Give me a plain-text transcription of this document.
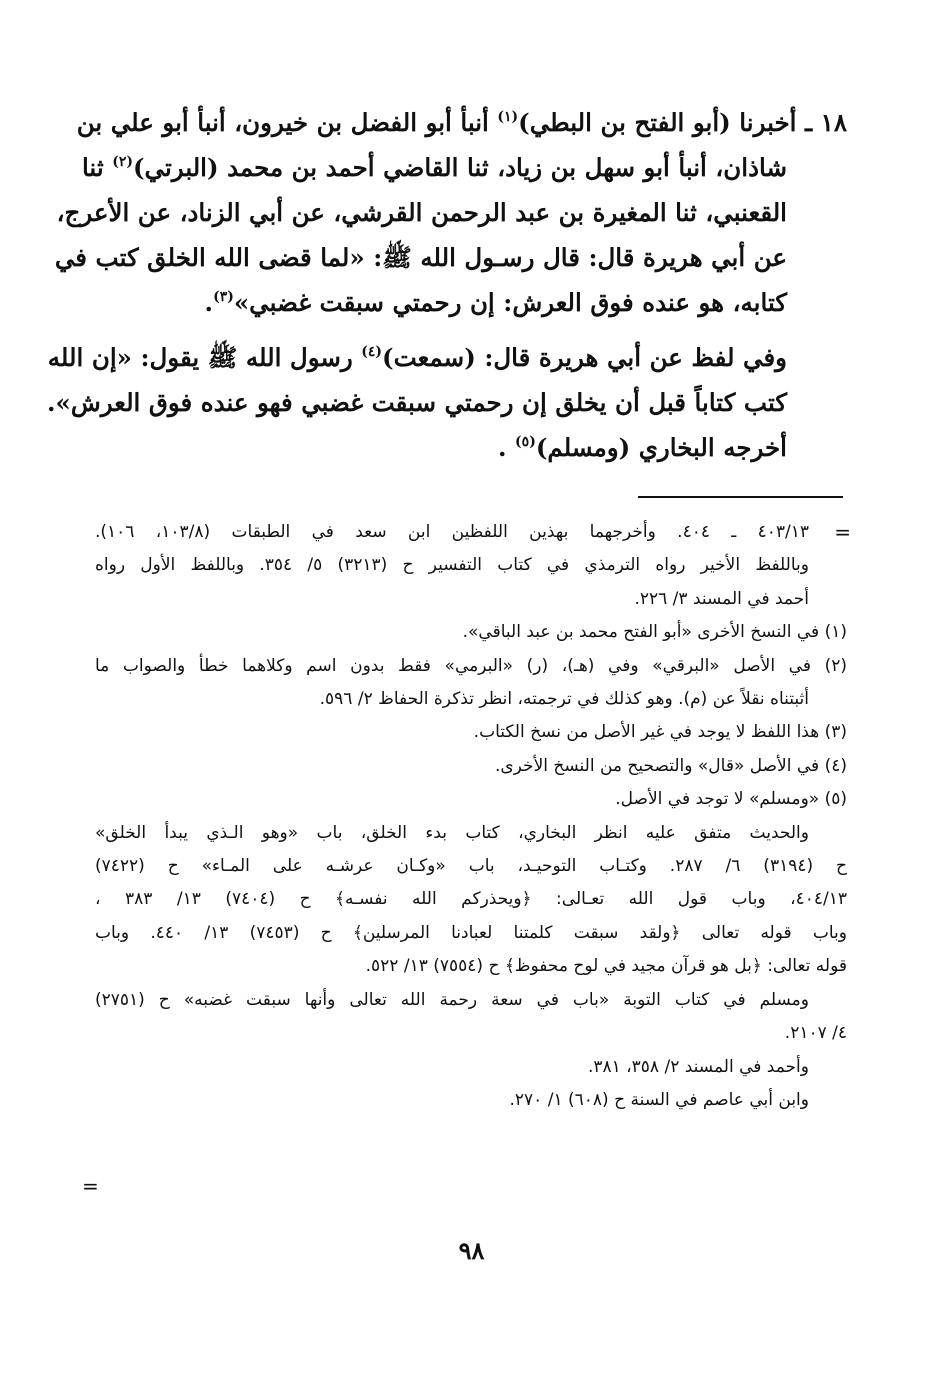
١٨ ـ أخبرنا (أبو الفتح بن البطي)$^{(١)}$ أنبأ أبو الفضل بن خيرون، أنبأ أبو علي بن
شاذان، أنبأ أبو سهل بن زياد، ثنا القاضي أحمد بن محمد (البرتي)$^{(٢)}$ ثنا
القعنبي، ثنا المغيرة بن عبد الرحمن القرشي، عن أبي الزناد، عن الأعرج،
عن أبي هريرة قال: قال رسـول الله ﷺ: «لما قضى الله الخلق كتب في
كتابه، هو عنده فوق العرش: إن رحمتي سبقت غضبي»$^{(٣)}$.

وفي لفظ عن أبي هريرة قال: (سمعت)$^{(٤)}$ رسول الله ﷺ يقول: «إن الله
كتب كتاباً قبل أن يخلق إن رحمتي سبقت غضبي فهو عنده فوق العرش».
أخرجه البخاري (ومسلم)$^{(٥)}$ .

=
٤٠٣/١٣ ـ ٤٠٤. وأخرجهما بهذين اللفظين ابن سعد في الطبقات (١٠٣/٨، ١٠٦).
وباللفظ الأخير رواه الترمذي في كتاب التفسير ح (٣٢١٣) ٥/ ٣٥٤. وباللفظ الأول رواه
أحمد في المسند ٣/ ٢٢٦.
(١) في النسخ الأخرى «أبو الفتح محمد بن عبد الباقي».
(٢) في الأصل «البرقي» وفي (هـ)، (ر) «البرمي» فقط بدون اسم وكلاهما خطأ والصواب ما
أثبتناه نقلاً عن (م). وهو كذلك في ترجمته، انظر تذكرة الحفاظ ٢/ ٥٩٦.
(٣) هذا اللفظ لا يوجد في غير الأصل من نسخ الكتاب.
(٤) في الأصل «قال» والتصحيح من النسخ الأخرى.
(٥) «ومسلم» لا توجد في الأصل.
والحديث متفق عليه انظر البخاري، كتاب بدء الخلق، باب «وهو الـذي يبدأ الخلق»
ح (٣١٩٤) ٦/ ٢٨٧. وكتـاب التوحيـد، باب «وكـان عرشـه على المـاء» ح (٧٤٢٢)
٤٠٤/١٣، وباب قول الله تعـالى: ﴿ويحذركم الله نفسـه﴾ ح (٧٤٠٤) ١٣/ ٣٨٣ ،
وباب قوله تعالى ﴿ولقد سبقت كلمتنا لعبادنا المرسلين﴾ ح (٧٤٥٣) ١٣/ ٤٤٠. وباب
قوله تعالى: ﴿بل هو قرآن مجيد في لوح محفوظ﴾ ح (٧٥٥٤) ١٣/ ٥٢٢.
ومسلم في كتاب التوبة «باب في سعة رحمة الله تعالى وأنها سبقت غضبه» ح (٢٧٥١)
٤/ ٢١٠٧.
وأحمد في المسند ٢/ ٣٥٨، ٣٨١.
وابن أبي عاصم في السنة ح (٦٠٨) ١/ ٢٧٠.
=
٩٨
